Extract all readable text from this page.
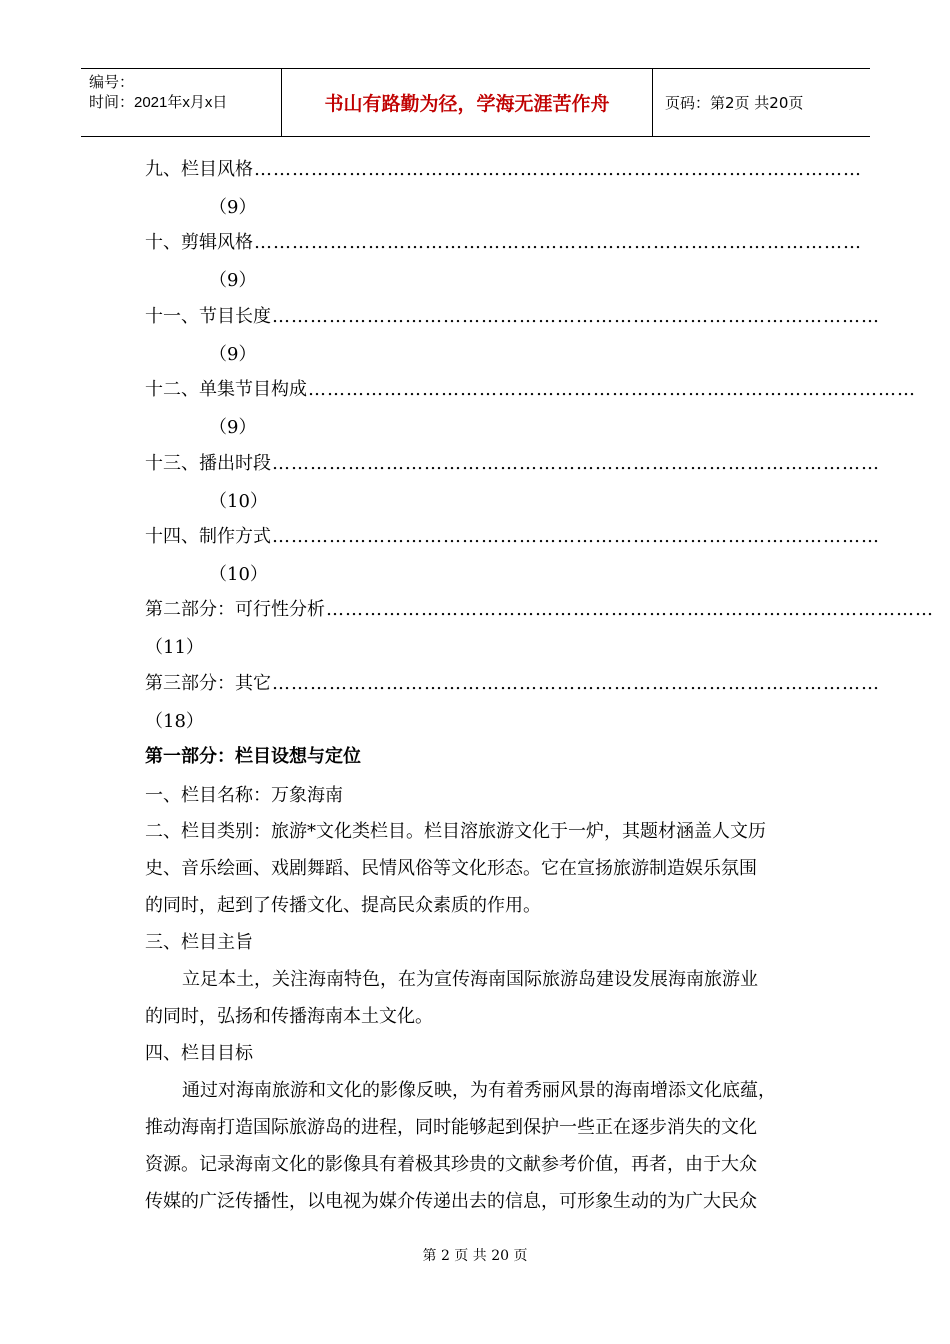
编号：
时间：2021年x月x日	书山有路勤为径，学海无涯苦作舟	页码：第2页 共20页
九、 栏目风格 ……………………………………………………………………………………
（9）
十、 剪辑风格 ……………………………………………………………………………………
（9）
十一、 节目长度 ……………………………………………………………………………………
（9）
十二、 单集节目构成 ……………………………………………………………………………………
（9）
十三、 播出时段 ……………………………………………………………………………………
（10）
十四、 制作方式 ……………………………………………………………………………………
（10）
第二部分：可行性分析 ……………………………………………………………………………………
（11）
第三部分：其它 ……………………………………………………………………………………
（18）
第一部分：栏目设想与定位
一、栏目名称：万象海南
二、栏目类别：旅游*文化类栏目。栏目溶旅游文化于一炉，其题材涵盖人文历
史、音乐绘画、戏剧舞蹈、民情风俗等文化形态。它在宣扬旅游制造娱乐氛围
的同时，起到了传播文化、提高民众素质的作用。
三、栏目主旨
立足本土，关注海南特色，在为宣传海南国际旅游岛建设发展海南旅游业
的同时，弘扬和传播海南本土文化。
四、栏目目标
通过对海南旅游和文化的影像反映，为有着秀丽风景的海南增添文化底蕴，
推动海南打造国际旅游岛的进程，同时能够起到保护一些正在逐步消失的文化
资源。记录海南文化的影像具有着极其珍贵的文献参考价值，再者，由于大众
传媒的广泛传播性，以电视为媒介传递出去的信息，可形象生动的为广大民众
第 2 页 共 20 页
